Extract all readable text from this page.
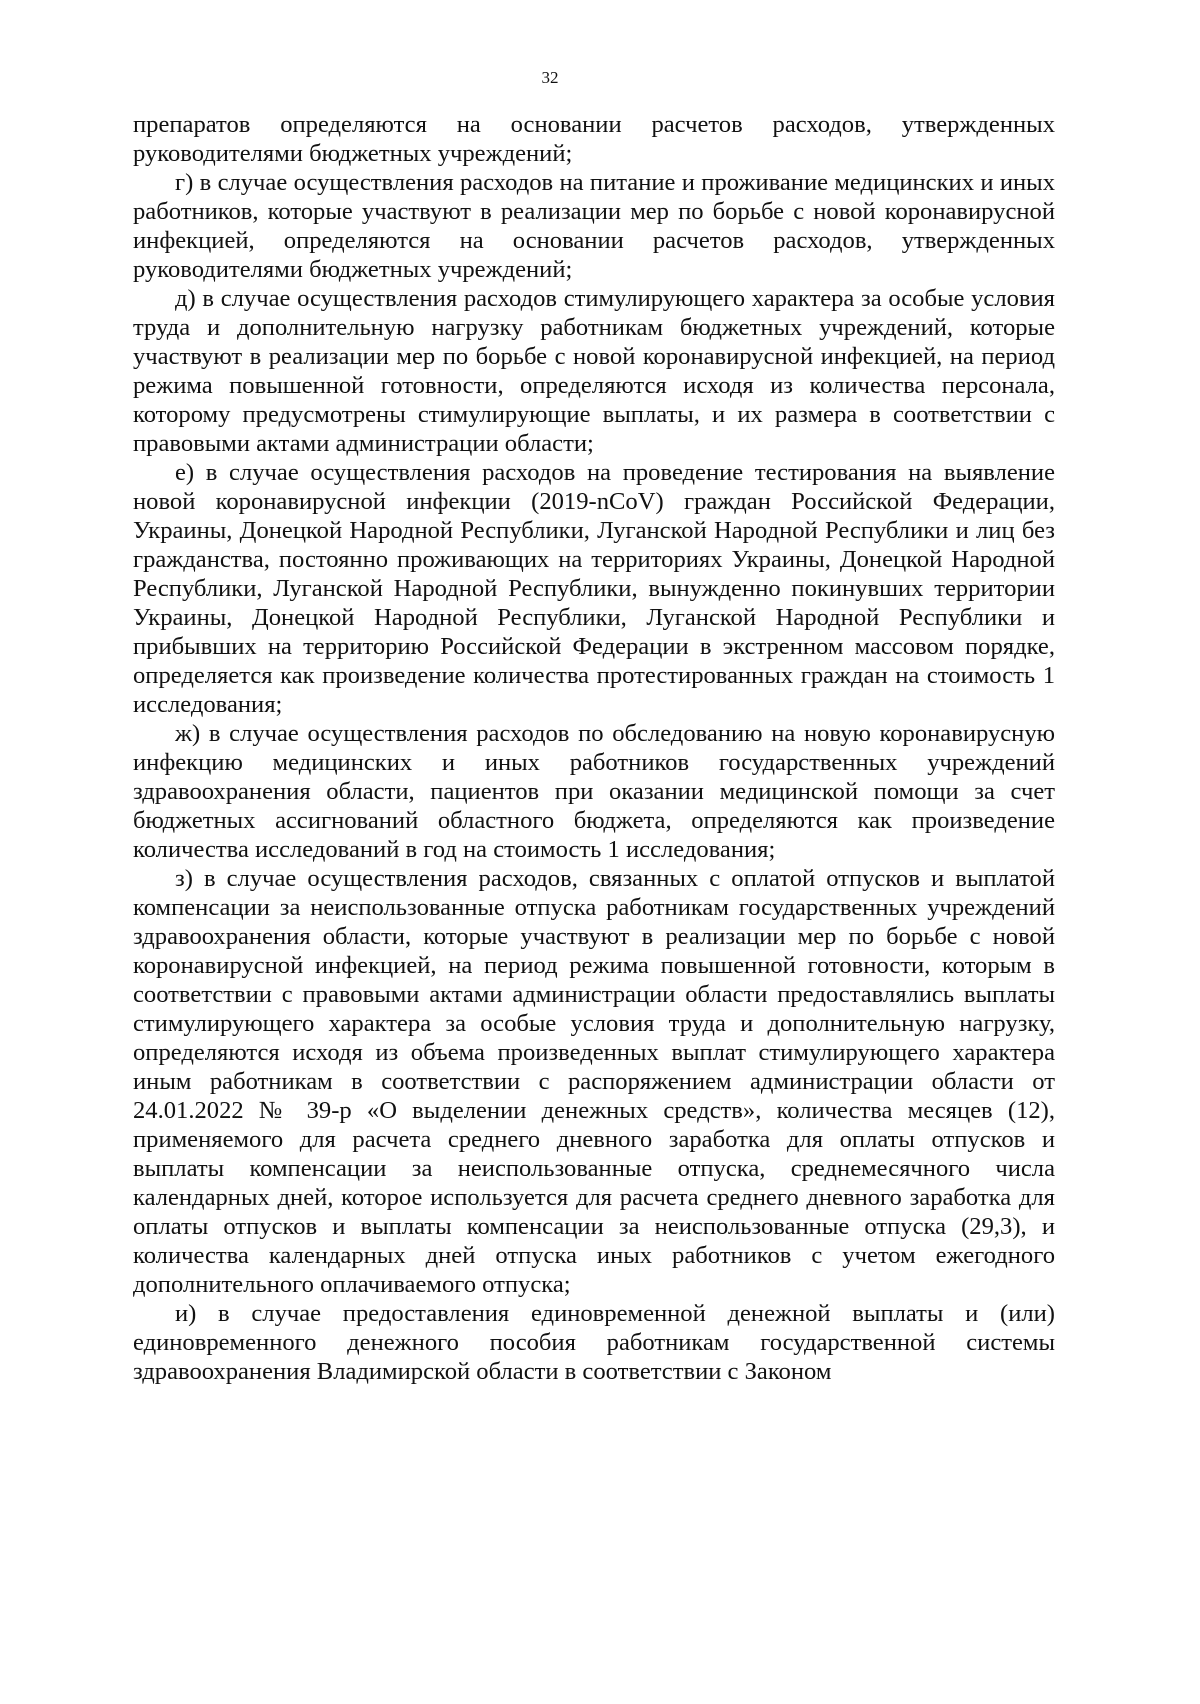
32

препаратов определяются на основании расчетов расходов, утвержденных руководителями бюджетных учреждений;

г) в случае осуществления расходов на питание и проживание медицинских и иных работников, которые участвуют в реализации мер по борьбе с новой коронавирусной инфекцией, определяются на основании расчетов расходов, утвержденных руководителями бюджетных учреждений;

д) в случае осуществления расходов стимулирующего характера за особые условия труда и дополнительную нагрузку работникам бюджетных учреждений, которые участвуют в реализации мер по борьбе с новой коронавирусной инфекцией, на период режима повышенной готовности, определяются исходя из количества персонала, которому предусмотрены стимулирующие выплаты, и их размера в соответствии с правовыми актами администрации области;

е) в случае осуществления расходов на проведение тестирования на выявление новой коронавирусной инфекции (2019-nCoV) граждан Российской Федерации, Украины, Донецкой Народной Республики, Луганской Народной Республики и лиц без гражданства, постоянно проживающих на территориях Украины, Донецкой Народной Республики, Луганской Народной Республики, вынужденно покинувших территории Украины, Донецкой Народной Республики, Луганской Народной Республики и прибывших на территорию Российской Федерации в экстренном массовом порядке, определяется как произведение количества протестированных граждан на стоимость 1 исследования;

ж) в случае осуществления расходов по обследованию на новую коронавирусную инфекцию медицинских и иных работников государственных учреждений здравоохранения области, пациентов при оказании медицинской помощи за счет бюджетных ассигнований областного бюджета, определяются как произведение количества исследований в год на стоимость 1 исследования;

з) в случае осуществления расходов, связанных с оплатой отпусков и выплатой компенсации за неиспользованные отпуска работникам государственных учреждений здравоохранения области, которые участвуют в реализации мер по борьбе с новой коронавирусной инфекцией, на период режима повышенной готовности, которым в соответствии с правовыми актами администрации области предоставлялись выплаты стимулирующего характера за особые условия труда и дополнительную нагрузку, определяются исходя из объема произведенных выплат стимулирующего характера иным работникам в соответствии с распоряжением администрации области от 24.01.2022 № 39-р «О выделении денежных средств», количества месяцев (12), применяемого для расчета среднего дневного заработка для оплаты отпусков и выплаты компенсации за неиспользованные отпуска, среднемесячного числа календарных дней, которое используется для расчета среднего дневного заработка для оплаты отпусков и выплаты компенсации за неиспользованные отпуска (29,3), и количества календарных дней отпуска иных работников с учетом ежегодного дополнительного оплачиваемого отпуска;

и) в случае предоставления единовременной денежной выплаты и (или) единовременного денежного пособия работникам государственной системы здравоохранения Владимирской области в соответствии с Законом
